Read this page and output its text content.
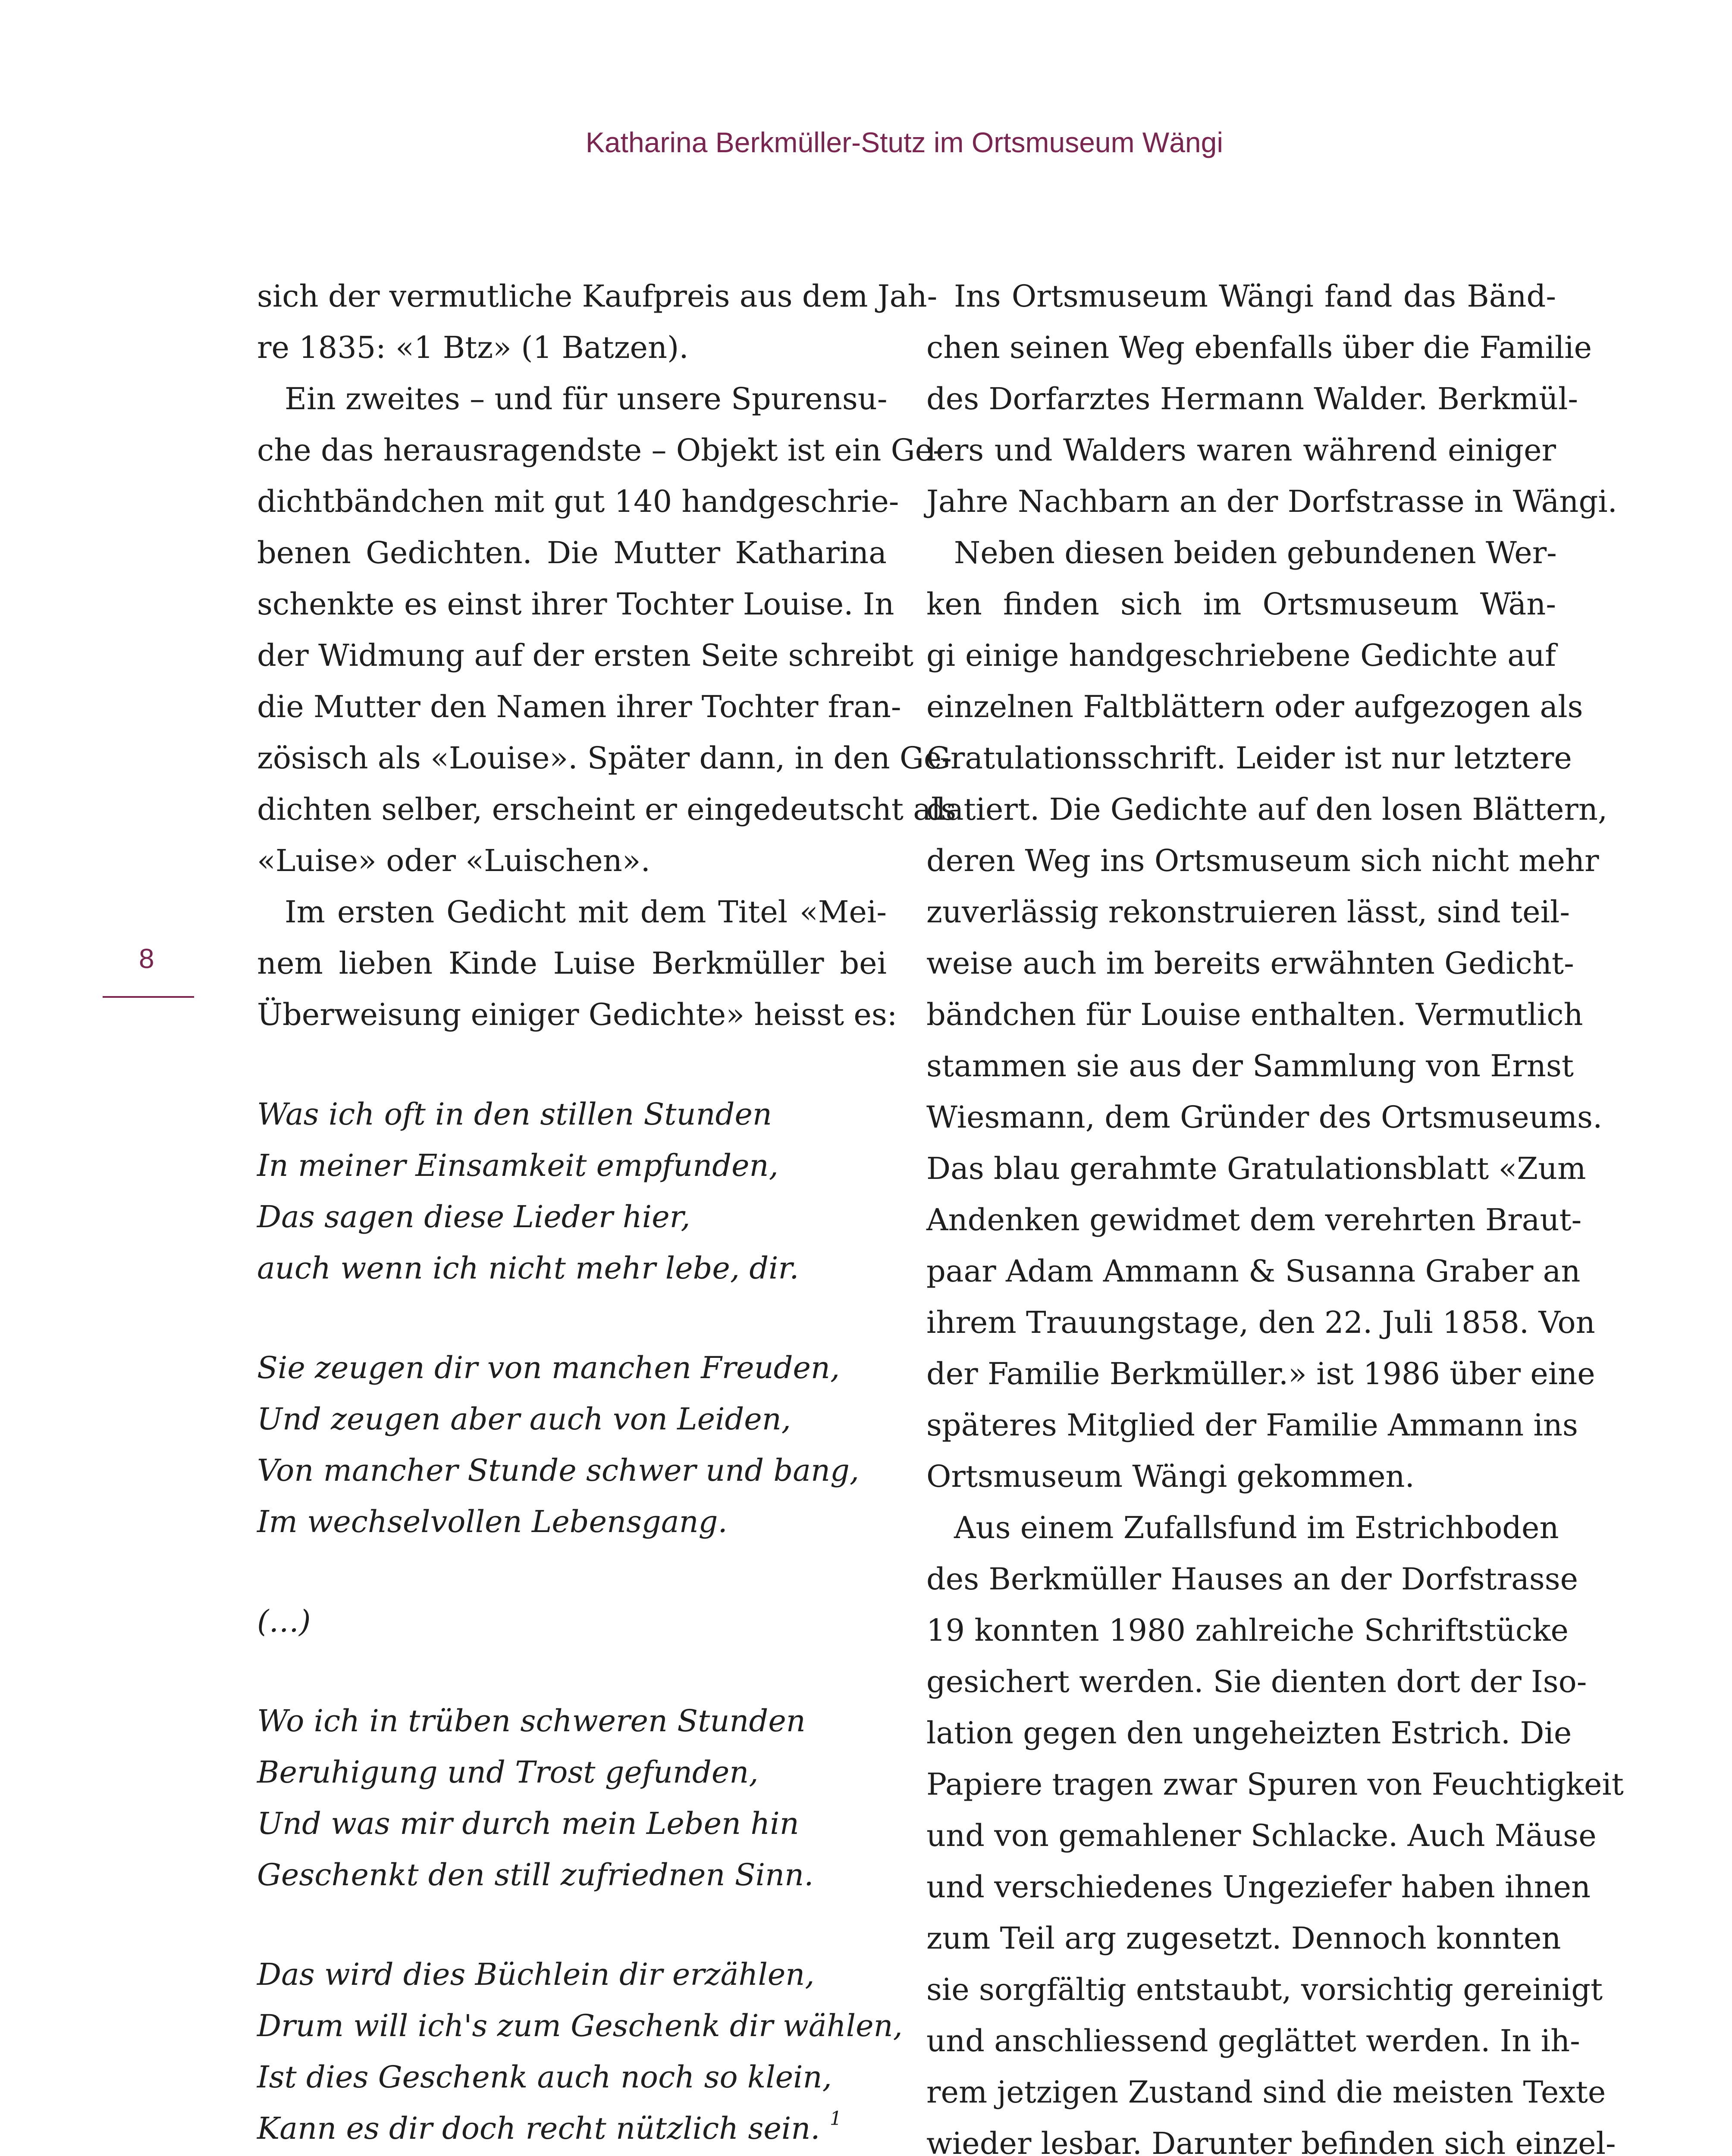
Katharina Berkmüller-Stutz im Ortsmuseum Wängi
8
sich der vermutliche Kaufpreis aus dem Jah-
re 1835: «1 Btz» (1 Batzen).
Ein zweites – und für unsere Spurensu-
che das herausragendste – Objekt ist ein Ge-
dichtbändchen mit gut 140 handgeschrie-
benen Gedichten. Die Mutter Katharina
schenkte es einst ihrer Tochter Louise. In
der Widmung auf der ersten Seite schreibt
die Mutter den Namen ihrer Tochter fran-
zösisch als «Louise». Später dann, in den Ge-
dichten selber, erscheint er eingedeutscht als
«Luise» oder «Luischen».
Im ersten Gedicht mit dem Titel «Mei-
nem lieben Kinde Luise Berkmüller bei
Überweisung einiger Gedichte» heisst es:
Was ich oft in den stillen Stunden
In meiner Einsamkeit empfunden,
Das sagen diese Lieder hier,
auch wenn ich nicht mehr lebe, dir.
Sie zeugen dir von manchen Freuden,
Und zeugen aber auch von Leiden,
Von mancher Stunde schwer und bang,
Im wechselvollen Lebensgang.
(…)
Wo ich in trüben schweren Stunden
Beruhigung und Trost gefunden,
Und was mir durch mein Leben hin
Geschenkt den still zufriednen Sinn.
Das wird dies Büchlein dir erzählen,
Drum will ich's zum Geschenk dir wählen,
Ist dies Geschenk auch noch so klein,
Kann es dir doch recht nützlich sein. $^1$
Ins Ortsmuseum Wängi fand das Bänd-
chen seinen Weg ebenfalls über die Familie
des Dorfarztes Hermann Walder. Berkmül-
lers und Walders waren während einiger
Jahre Nachbarn an der Dorfstrasse in Wängi.
Neben diesen beiden gebundenen Wer-
ken finden sich im Ortsmuseum Wän-
gi einige handgeschriebene Gedichte auf
einzelnen Faltblättern oder aufgezogen als
Gratulationsschrift. Leider ist nur letztere
datiert. Die Gedichte auf den losen Blättern,
deren Weg ins Ortsmuseum sich nicht mehr
zuverlässig rekonstruieren lässt, sind teil-
weise auch im bereits erwähnten Gedicht-
bändchen für Louise enthalten. Vermutlich
stammen sie aus der Sammlung von Ernst
Wiesmann, dem Gründer des Ortsmuseums.
Das blau gerahmte Gratulationsblatt «Zum
Andenken gewidmet dem verehrten Braut-
paar Adam Ammann & Susanna Graber an
ihrem Trauungstage, den 22. Juli 1858. Von
der Familie Berkmüller.» ist 1986 über eine
späteres Mitglied der Familie Ammann ins
Ortsmuseum Wängi gekommen.
Aus einem Zufallsfund im Estrichboden
des Berkmüller Hauses an der Dorfstrasse
19 konnten 1980 zahlreiche Schriftstücke
gesichert werden. Sie dienten dort der Iso-
lation gegen den ungeheizten Estrich. Die
Papiere tragen zwar Spuren von Feuchtigkeit
und von gemahlener Schlacke. Auch Mäuse
und verschiedenes Ungeziefer haben ihnen
zum Teil arg zugesetzt. Dennoch konnten
sie sorgfältig entstaubt, vorsichtig gereinigt
und anschliessend geglättet werden. In ih-
rem jetzigen Zustand sind die meisten Texte
wieder lesbar. Darunter befinden sich einzel-
